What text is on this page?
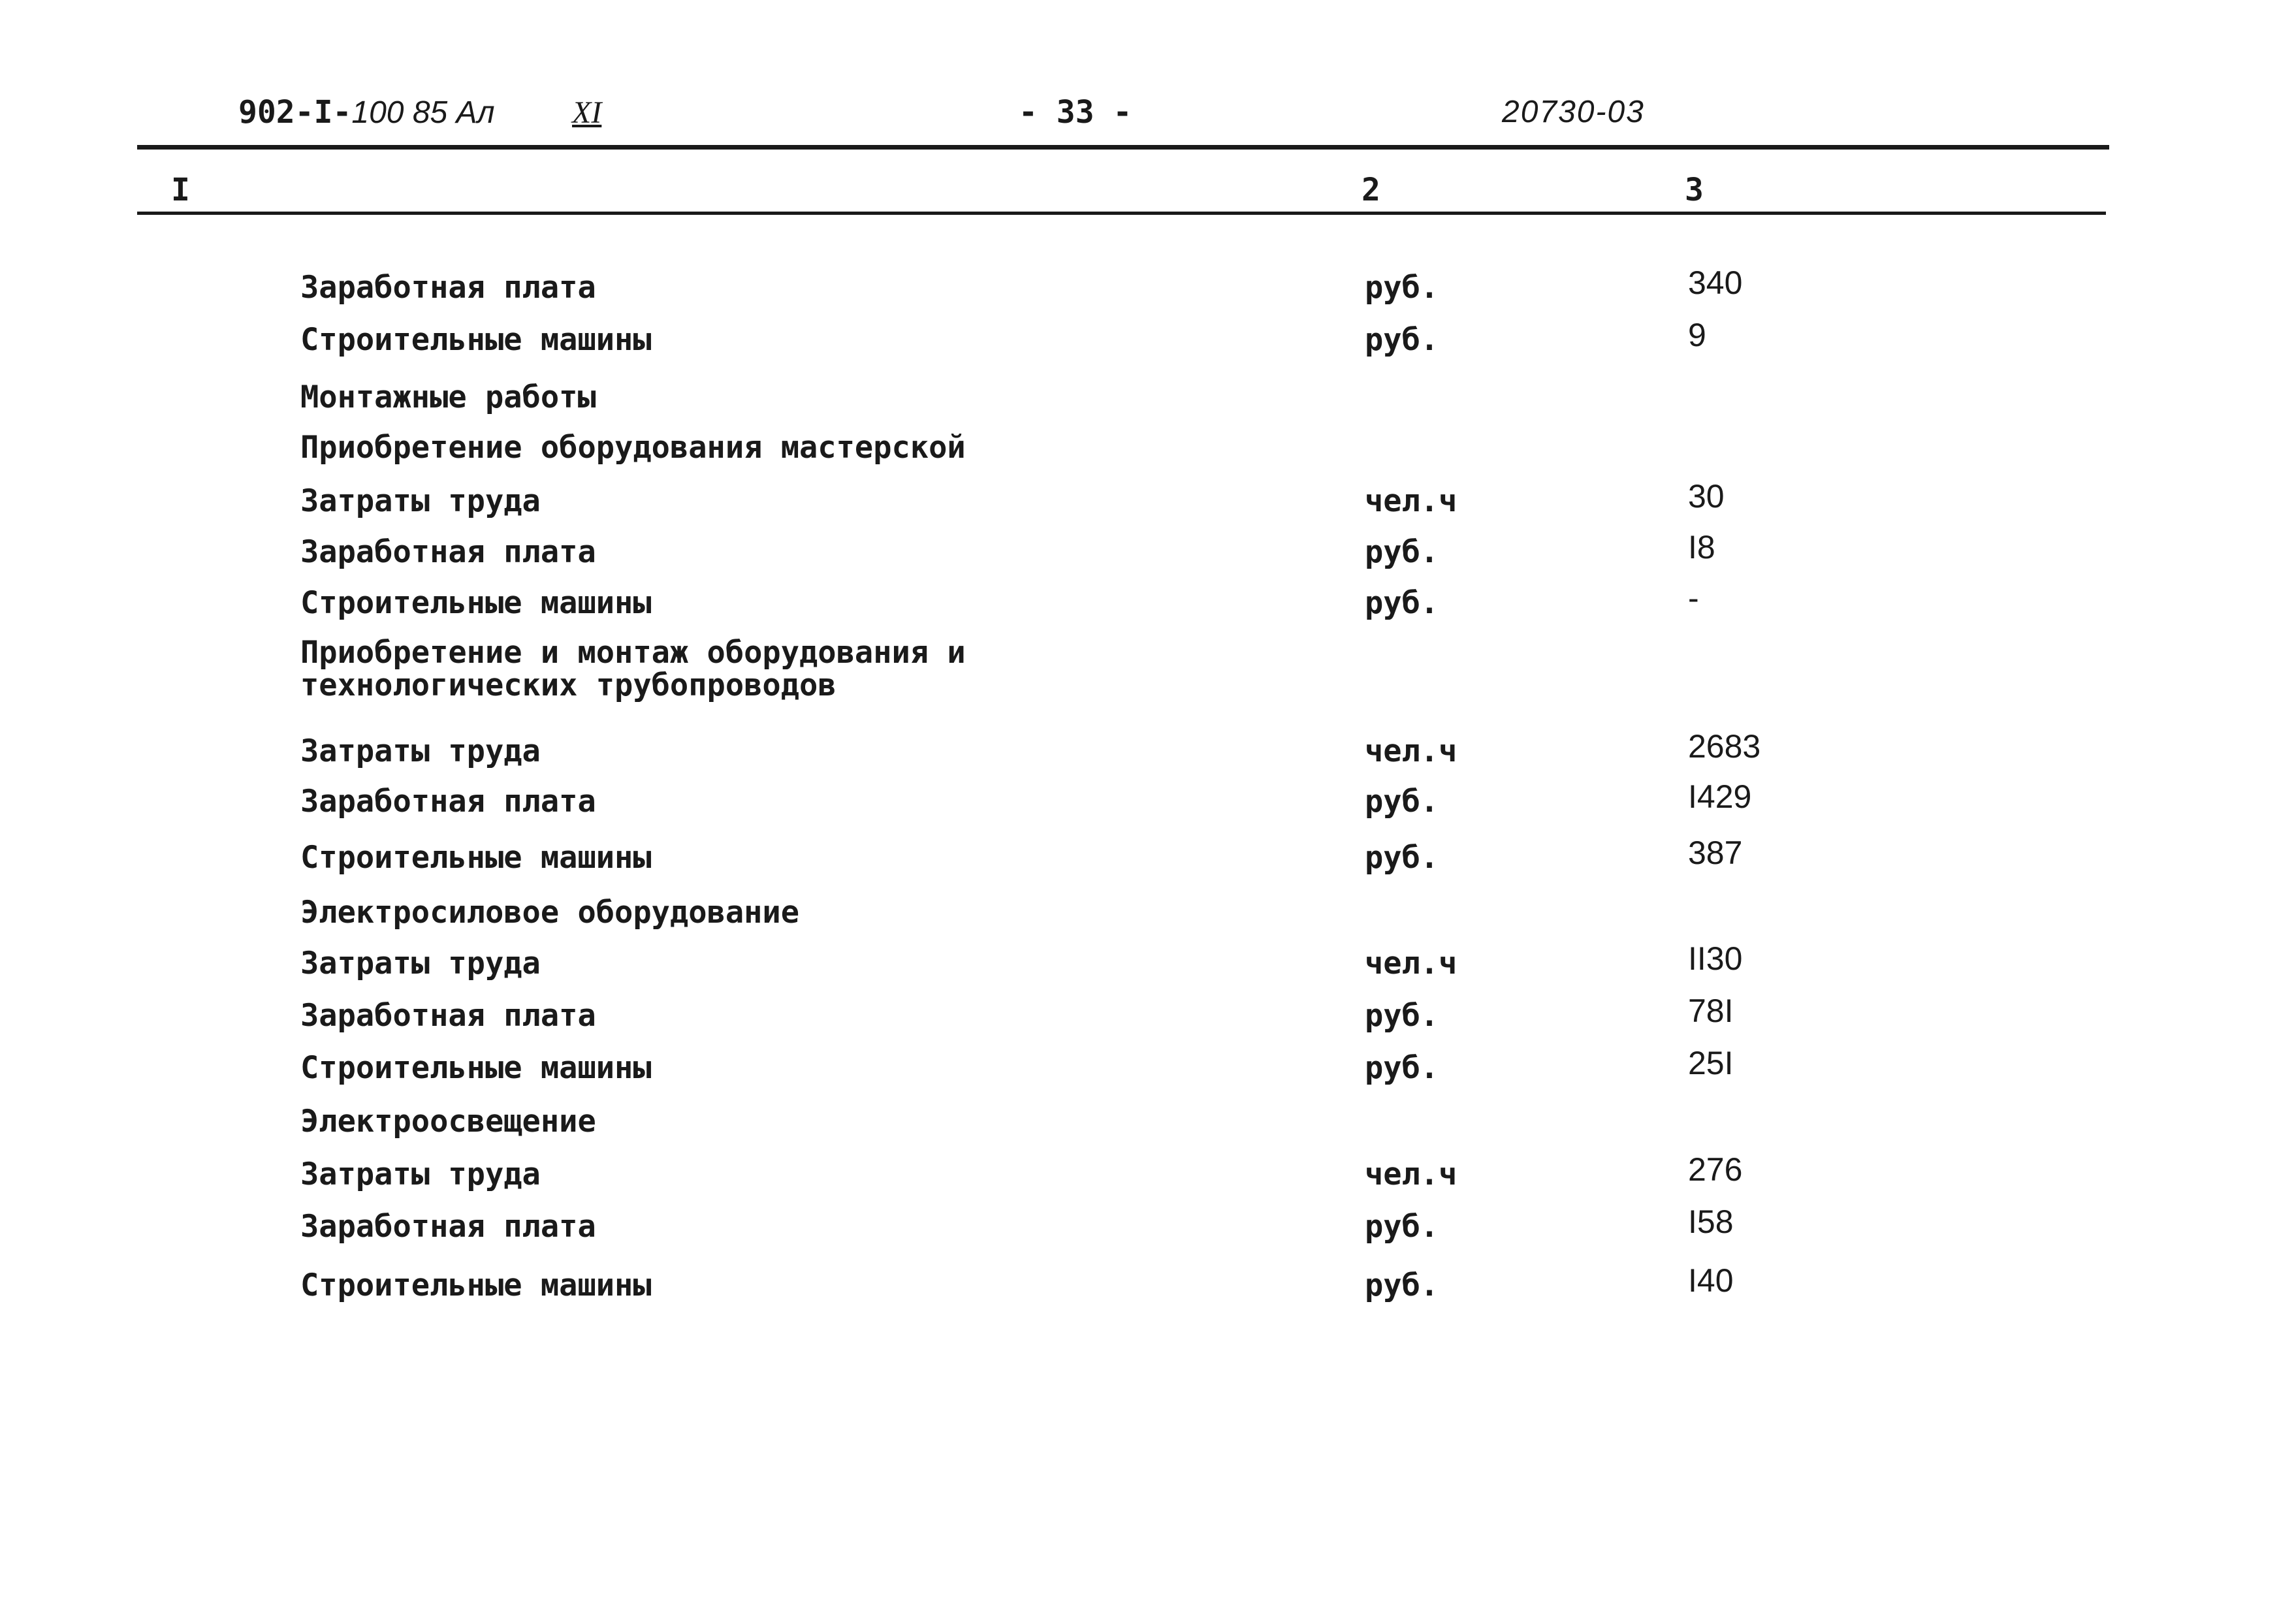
902-I-100 85 Ал XI	- 33 -	20730-03
I	2	3
Заработная плата	руб.	340
Строительные машины	руб.	9
Монтажные работы
Приобретение оборудования мастерской
Затраты труда	чел.ч	30
Заработная плата	руб.	I8
Строительные машины	руб.	-
Приобретение и монтаж оборудования и
технологических трубопроводов
Затраты труда	чел.ч	2683
Заработная плата	руб.	I429
Строительные машины	руб.	387
Электросиловое оборудование
Затраты труда	чел.ч	II30
Заработная плата	руб.	78I
Строительные машины	руб.	25I
Электроосвещение
Затраты труда	чел.ч	276
Заработная плата	руб.	I58
Строительные машины	руб.	I40
